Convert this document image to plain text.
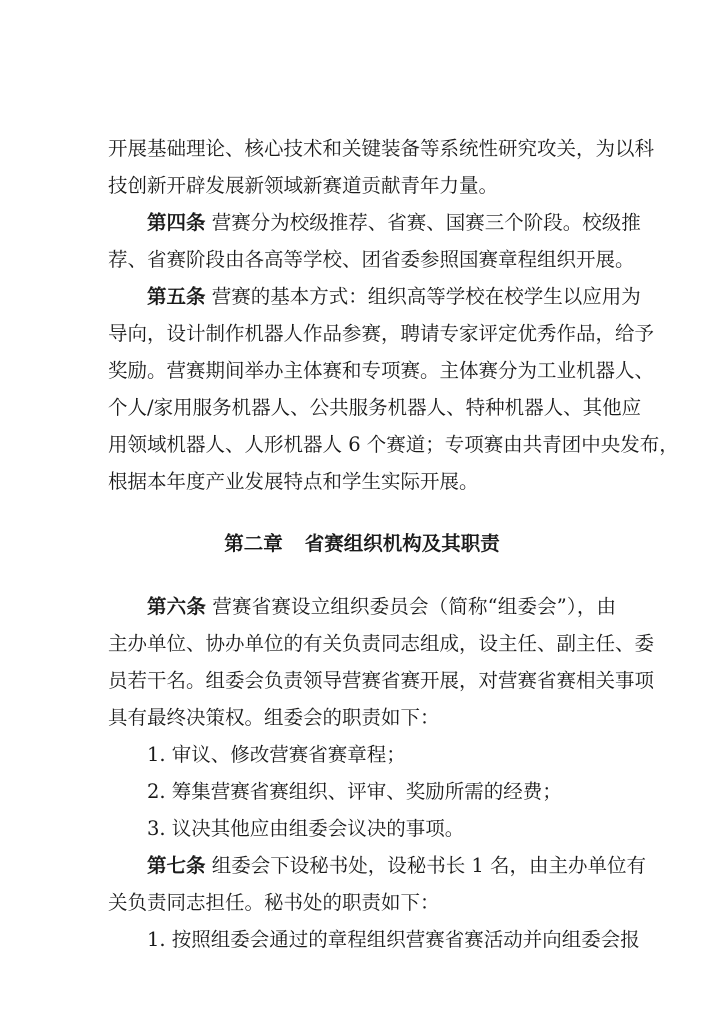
开展基础理论、核心技术和关键装备等系统性研究攻关，为以科
技创新开辟发展新领域新赛道贡献青年力量。
第四条 营赛分为校级推荐、省赛、国赛三个阶段。校级推
荐、省赛阶段由各高等学校、团省委参照国赛章程组织开展。
第五条 营赛的基本方式：组织高等学校在校学生以应用为
导向，设计制作机器人作品参赛，聘请专家评定优秀作品，给予
奖励。营赛期间举办主体赛和专项赛。主体赛分为工业机器人、
个人/家用服务机器人、公共服务机器人、特种机器人、其他应
用领域机器人、人形机器人 6 个赛道；专项赛由共青团中央发布，
根据本年度产业发展特点和学生实际开展。
第二章 省赛组织机构及其职责
第六条 营赛省赛设立组织委员会（简称“组委会”），由
主办单位、协办单位的有关负责同志组成，设主任、副主任、委
员若干名。组委会负责领导营赛省赛开展，对营赛省赛相关事项
具有最终决策权。组委会的职责如下：
1. 审议、修改营赛省赛章程；
2. 筹集营赛省赛组织、评审、奖励所需的经费；
3. 议决其他应由组委会议决的事项。
第七条 组委会下设秘书处，设秘书长 1 名，由主办单位有
关负责同志担任。秘书处的职责如下：
1. 按照组委会通过的章程组织营赛省赛活动并向组委会报
